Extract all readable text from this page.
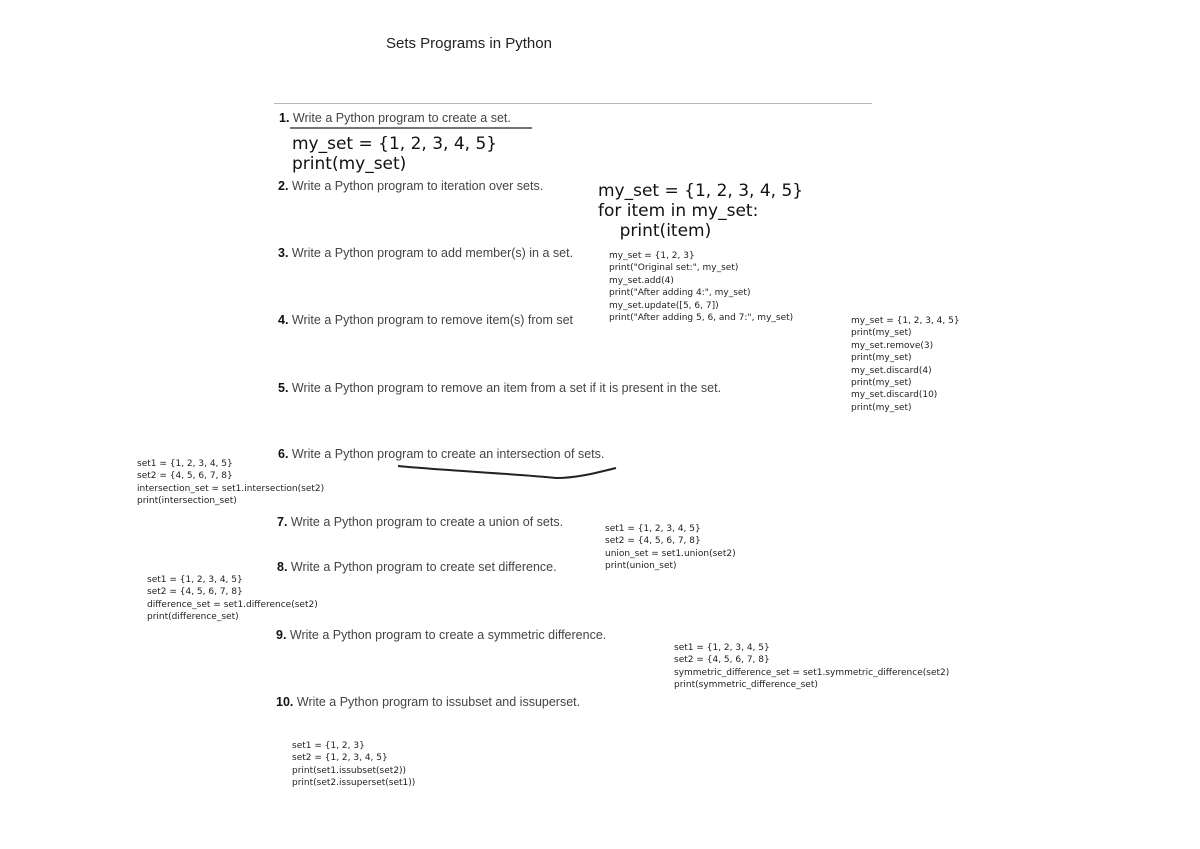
Sets Programs in Python
1. Write a Python program to create a set.
2. Write a Python program to iteration over sets.
3. Write a Python program to add member(s) in a set.
4. Write a Python program to remove item(s) from set
5. Write a Python program to remove an item from a set if it is present in the set.
6. Write a Python program to create an intersection of sets.
7. Write a Python program to create a union of sets.
8. Write a Python program to create set difference.
9. Write a Python program to create a symmetric difference.
10. Write a Python program to issubset and issuperset.
my_set = {1, 2, 3, 4, 5}
print(my_set)
my_set = {1, 2, 3, 4, 5}
for item in my_set:
print(item)
my_set = {1, 2, 3}
print("Original set:", my_set)
my_set.add(4)
print("After adding 4:", my_set)
my_set.update([5, 6, 7])
print("After adding 5, 6, and 7:", my_set)	my_set = {1, 2, 3, 4, 5}
print(my_set)
my_set.remove(3)
print(my_set)
my_set.discard(4)
print(my_set)
my_set.discard(10)
print(my_set)
set1 = {1, 2, 3, 4, 5}
set2 = {4, 5, 6, 7, 8}
intersection_set = set1.intersection(set2)
print(intersection_set)
set1 = {1, 2, 3, 4, 5}
set2 = {4, 5, 6, 7, 8}
union_set = set1.union(set2)
print(union_set)
set1 = {1, 2, 3, 4, 5}
set2 = {4, 5, 6, 7, 8}
difference_set = set1.difference(set2)
print(difference_set)
set1 = {1, 2, 3, 4, 5}
set2 = {4, 5, 6, 7, 8}
symmetric_difference_set = set1.symmetric_difference(set2)
print(symmetric_difference_set)
set1 = {1, 2, 3}
set2 = {1, 2, 3, 4, 5}
print(set1.issubset(set2))
print(set2.issuperset(set1))
